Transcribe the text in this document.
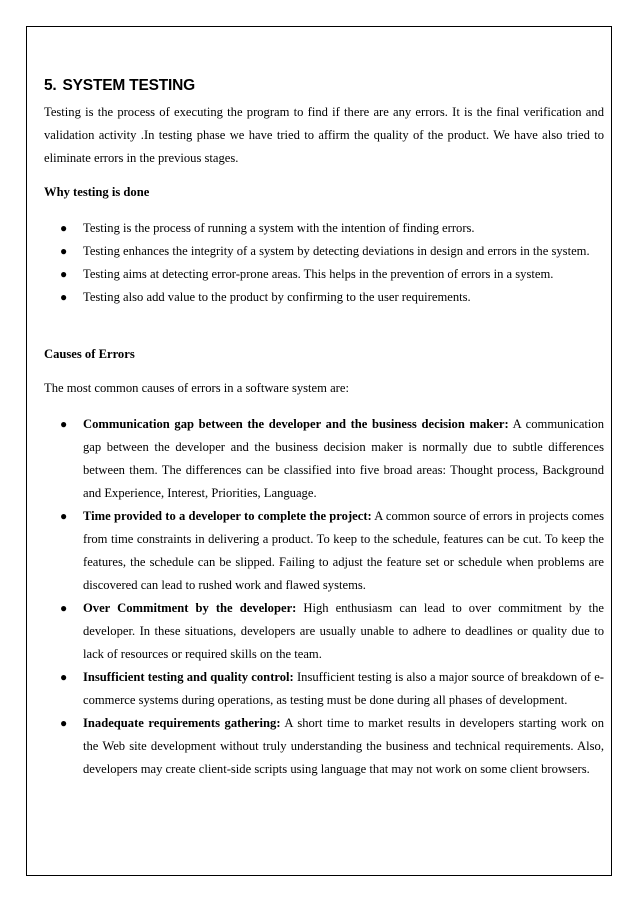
5. SYSTEM TESTING

Testing is the process of executing the program to find if there are any errors. It is the final verification and validation activity .In testing phase we have tried to affirm the quality of the product. We have also tried to eliminate errors in the previous stages.

Why testing is done

● Testing is the process of running a system with the intention of finding errors.
● Testing enhances the integrity of a system by detecting deviations in design and errors in the system.
● Testing aims at detecting error-prone areas. This helps in the prevention of errors in a system.
● Testing also add value to the product by confirming to the user requirements.

Causes of Errors

The most common causes of errors in a software system are:

● Communication gap between the developer and the business decision maker: A communication gap between the developer and the business decision maker is normally due to subtle differences between them. The differences can be classified into five broad areas: Thought process, Background and Experience, Interest, Priorities, Language.
● Time provided to a developer to complete the project: A common source of errors in projects comes from time constraints in delivering a product. To keep to the schedule, features can be cut. To keep the features, the schedule can be slipped. Failing to adjust the feature set or schedule when problems are discovered can lead to rushed work and flawed systems.
● Over Commitment by the developer: High enthusiasm can lead to over commitment by the developer. In these situations, developers are usually unable to adhere to deadlines or quality due to lack of resources or required skills on the team.
● Insufficient testing and quality control: Insufficient testing is also a major source of breakdown of e-commerce systems during operations, as testing must be done during all phases of development.
● Inadequate requirements gathering: A short time to market results in developers starting work on the Web site development without truly understanding the business and technical requirements. Also, developers may create client-side scripts using language that may not work on some client browsers.
